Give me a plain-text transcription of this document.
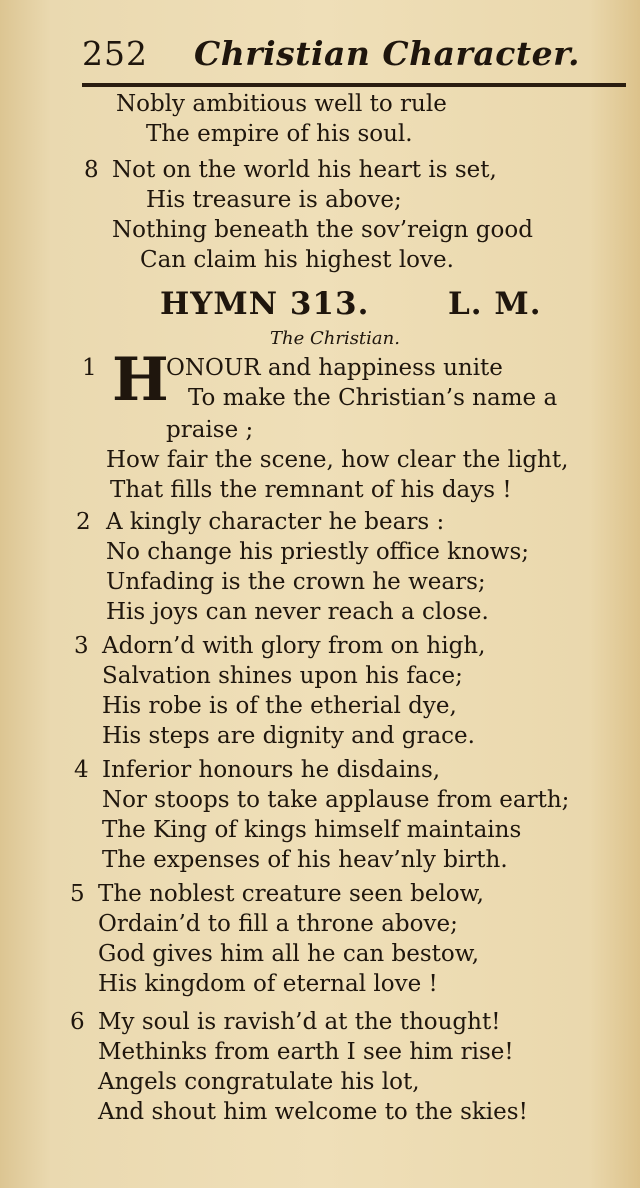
252 Christian Character.
Nobly ambitious well to rule
The empire of his soul.
8 Not on the world his heart is set,
His treasure is above;
Nothing beneath the sov’reign good
Can claim his highest love.
HYMN 313.	L. M.
The Christian.
1 H
ONOUR and happiness unite
To make the Christian’s name a
praise ;
How fair the scene, how clear the light,
That fills the remnant of his days !
2 A kingly character he bears :
No change his priestly office knows;
Unfading is the crown he wears;
His joys can never reach a close.
3 Adorn’d with glory from on high,
Salvation shines upon his face;
His robe is of the etherial dye,
His steps are dignity and grace.
4 Inferior honours he disdains,
Nor stoops to take applause from earth;
The King of kings himself maintains
The expenses of his heav’nly birth.
5 The noblest creature seen below,
Ordain’d to fill a throne above;
God gives him all he can bestow,
His kingdom of eternal love !
6 My soul is ravish’d at the thought!
Methinks from earth I see him rise!
Angels congratulate his lot,
And shout him welcome to the skies!
